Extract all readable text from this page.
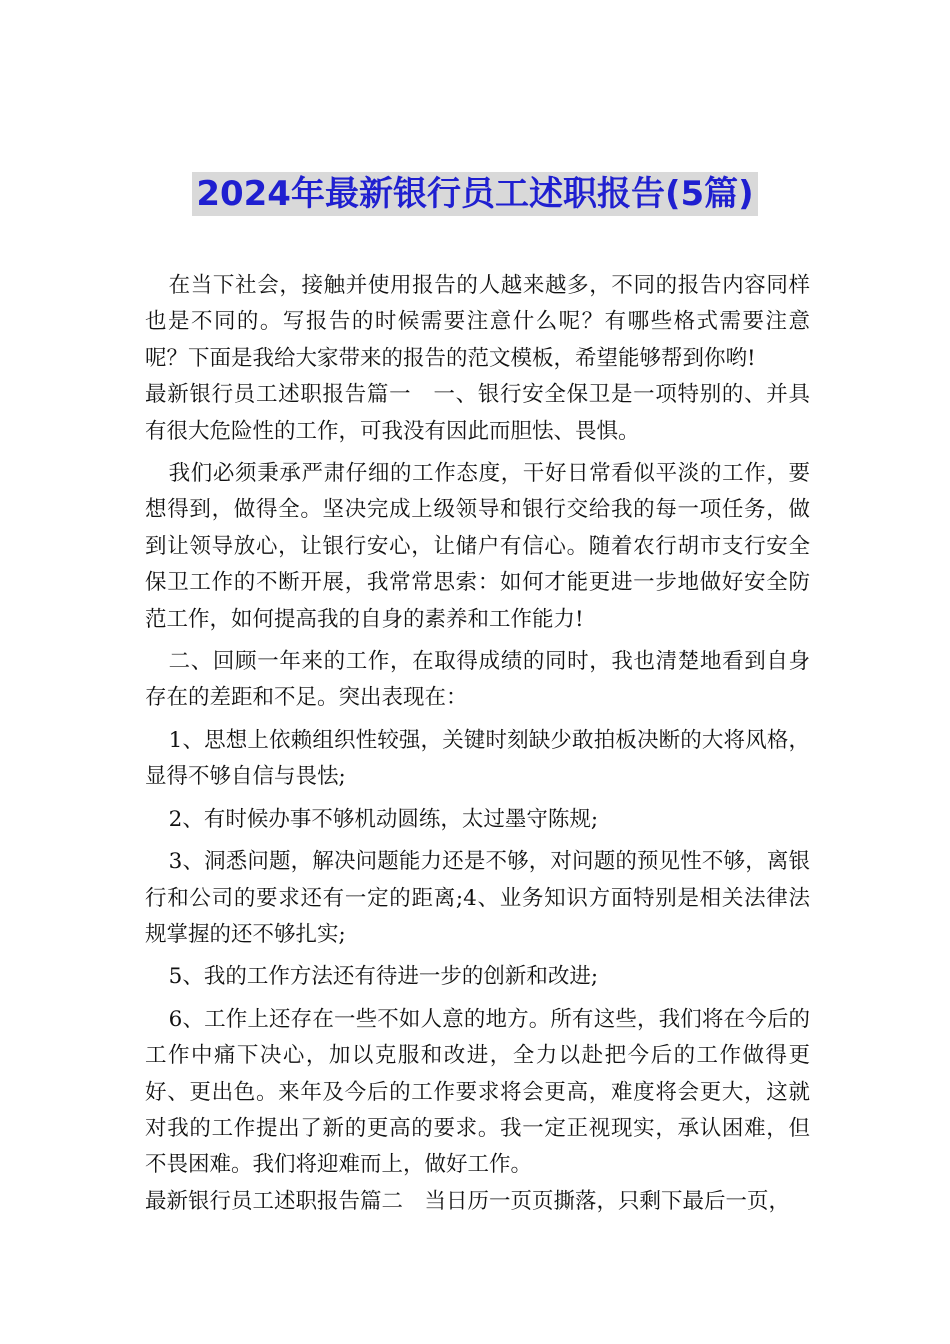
2024年最新银行员工述职报告(5篇)

在当下社会，接触并使用报告的人越来越多，不同的报告内容同样也是不同的。写报告的时候需要注意什么呢？有哪些格式需要注意呢？下面是我给大家带来的报告的范文模板，希望能够帮到你哟!

最新银行员工述职报告篇一　一、银行安全保卫是一项特别的、并具有很大危险性的工作，可我没有因此而胆怯、畏惧。

我们必须秉承严肃仔细的工作态度，干好日常看似平淡的工作，要想得到，做得全。坚决完成上级领导和银行交给我的每一项任务，做到让领导放心，让银行安心，让储户有信心。随着农行胡市支行安全保卫工作的不断开展，我常常思索：如何才能更进一步地做好安全防范工作，如何提高我的自身的素养和工作能力!

二、回顾一年来的工作，在取得成绩的同时，我也清楚地看到自身存在的差距和不足。突出表现在：

1、思想上依赖组织性较强，关键时刻缺少敢拍板决断的大将风格，显得不够自信与畏怯;

2、有时候办事不够机动圆练，太过墨守陈规;

3、洞悉问题，解决问题能力还是不够，对问题的预见性不够，离银行和公司的要求还有一定的距离;4、业务知识方面特别是相关法律法规掌握的还不够扎实;

5、我的工作方法还有待进一步的创新和改进;

6、工作上还存在一些不如人意的地方。所有这些，我们将在今后的工作中痛下决心，加以克服和改进，全力以赴把今后的工作做得更好、更出色。来年及今后的工作要求将会更高，难度将会更大，这就对我的工作提出了新的更高的要求。我一定正视现实，承认困难，但不畏困难。我们将迎难而上，做好工作。

最新银行员工述职报告篇二　当日历一页页撕落，只剩下最后一页，
